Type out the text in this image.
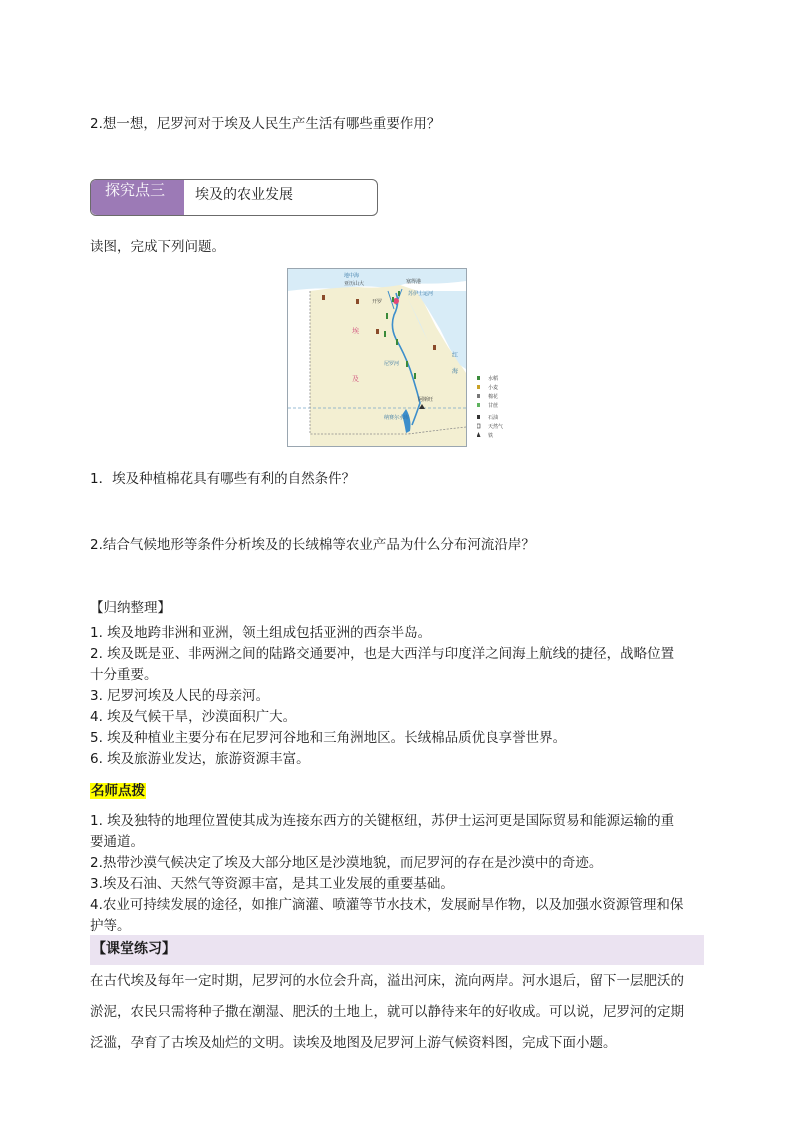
2.想一想，尼罗河对于埃及人民生产生活有哪些重要作用？
探究点三 埃及的农业发展
读图，完成下列问题。
地中海
亚历山大	塞得港
苏伊士运河
开罗
埃
及
尼罗河
红
海
阿斯旺
纳赛尔水库
水稻
小麦
棉花
甘蔗
石油
天然气
铁
1．埃及种植棉花具有哪些有利的自然条件？
2.结合气候地形等条件分析埃及的长绒棉等农业产品为什么分布河流沿岸？
【归纳整理】
1. 埃及地跨非洲和亚洲，领土组成包括亚洲的西奈半岛。
2. 埃及既是亚、非两洲之间的陆路交通要冲，也是大西洋与印度洋之间海上航线的捷径，战略位置
十分重要。
3. 尼罗河埃及人民的母亲河。
4. 埃及气候干旱，沙漠面积广大。
5. 埃及种植业主要分布在尼罗河谷地和三角洲地区。长绒棉品质优良享誉世界。
6. 埃及旅游业发达，旅游资源丰富。
名师点拨
1. 埃及独特的地理位置使其成为连接东西方的关键枢纽，苏伊士运河更是国际贸易和能源运输的重
要通道。
2.热带沙漠气候决定了埃及大部分地区是沙漠地貌，而尼罗河的存在是沙漠中的奇迹。
3.埃及石油、天然气等资源丰富，是其工业发展的重要基础。
4.农业可持续发展的途径，如推广滴灌、喷灌等节水技术，发展耐旱作物，以及加强水资源管理和保
护等。
【课堂练习】
在古代埃及每年一定时期，尼罗河的水位会升高，溢出河床，流向两岸。河水退后，留下一层肥沃的
淤泥，农民只需将种子撒在潮湿、肥沃的土地上，就可以静待来年的好收成。可以说，尼罗河的定期
泛滥，孕育了古埃及灿烂的文明。读埃及地图及尼罗河上游气候资料图，完成下面小题。
